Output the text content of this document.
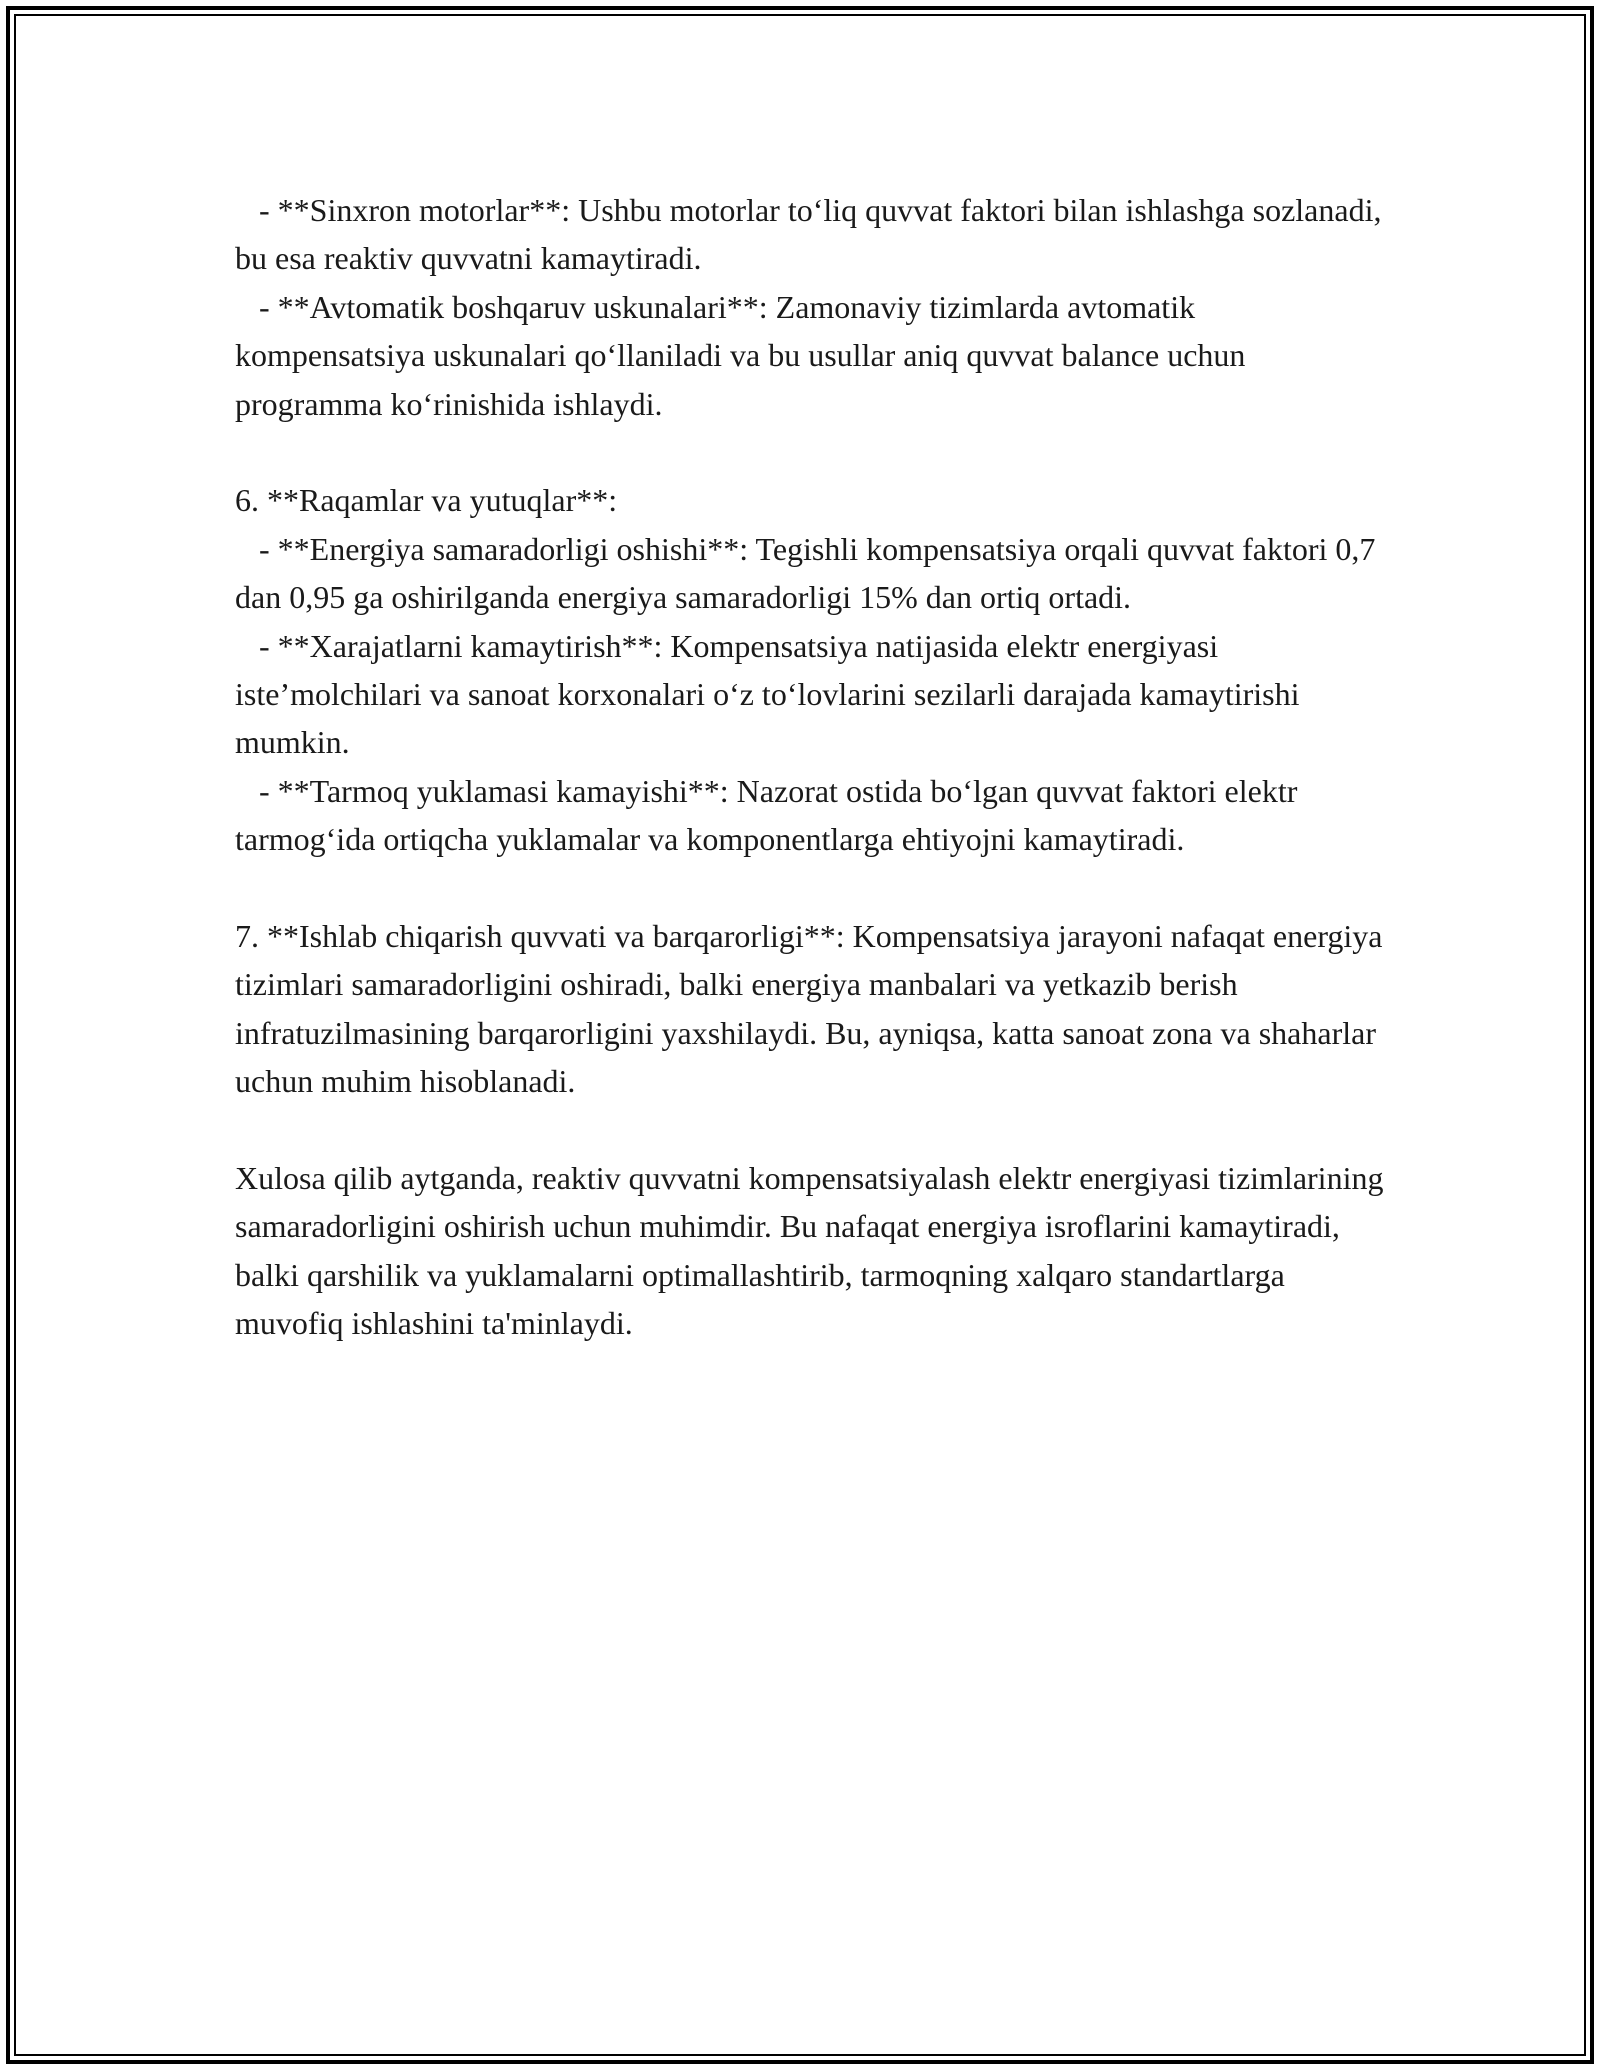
- **Sinxron motorlar**: Ushbu motorlar to‘liq quvvat faktori bilan ishlashga sozlanadi, bu esa reaktiv quvvatni kamaytiradi.

- **Avtomatik boshqaruv uskunalari**: Zamonaviy tizimlarda avtomatik kompensatsiya uskunalari qo‘llaniladi va bu usullar aniq quvvat balance uchun programma ko‘rinishida ishlaydi.

6. **Raqamlar va yutuqlar**:

- **Energiya samaradorligi oshishi**: Tegishli kompensatsiya orqali quvvat faktori 0,7 dan 0,95 ga oshirilganda energiya samaradorligi 15% dan ortiq ortadi.

- **Xarajatlarni kamaytirish**: Kompensatsiya natijasida elektr energiyasi iste’molchilari va sanoat korxonalari o‘z to‘lovlarini sezilarli darajada kamaytirishi mumkin.

- **Tarmoq yuklamasi kamayishi**: Nazorat ostida bo‘lgan quvvat faktori elektr tarmog‘ida ortiqcha yuklamalar va komponentlarga ehtiyojni kamaytiradi.

7. **Ishlab chiqarish quvvati va barqarorligi**: Kompensatsiya jarayoni nafaqat energiya tizimlari samaradorligini oshiradi, balki energiya manbalari va yetkazib berish infratuzilmasining barqarorligini yaxshilaydi. Bu, ayniqsa, katta sanoat zona va shaharlar uchun muhim hisoblanadi.

Xulosa qilib aytganda, reaktiv quvvatni kompensatsiyalash elektr energiyasi tizimlarining samaradorligini oshirish uchun muhimdir. Bu nafaqat energiya isroflarini kamaytiradi, balki qarshilik va yuklamalarni optimallashtirib, tarmoqning xalqaro standartlarga muvofiq ishlashini ta'minlaydi.
